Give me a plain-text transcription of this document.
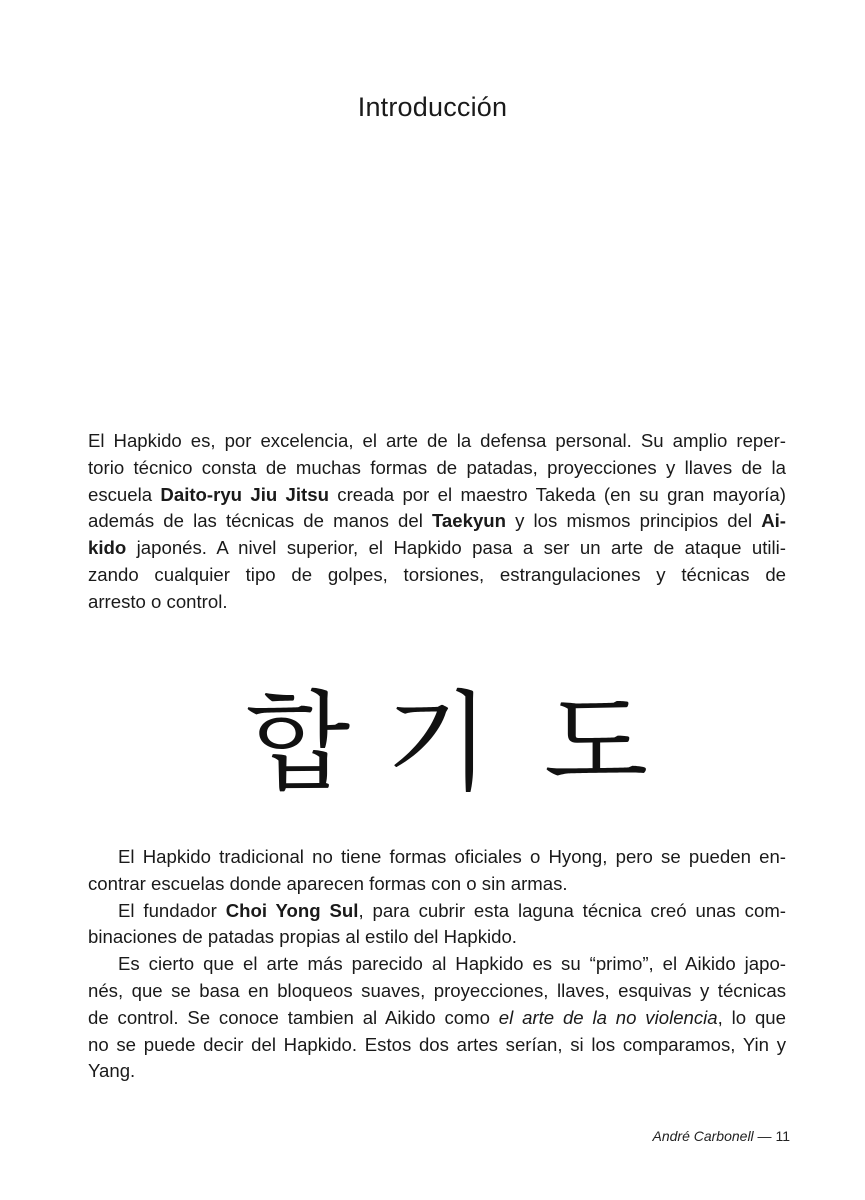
Introducción

El Hapkido es, por excelencia, el arte de la defensa personal. Su amplio reper-

torio técnico consta de muchas formas de patadas, proyecciones y llaves de la

escuela Daito-ryu Jiu Jitsu creada por el maestro Takeda (en su gran mayoría)

además de las técnicas de manos del Taekyun y los mismos principios del Ai-

kido japonés. A nivel superior, el Hapkido pasa a ser un arte de ataque utili-

zando cualquier tipo de golpes, torsiones, estrangulaciones y técnicas de

arresto o control.

합 기 도

El Hapkido tradicional no tiene formas oficiales o Hyong, pero se pueden en-

contrar escuelas donde aparecen formas con o sin armas.

El fundador Choi Yong Sul, para cubrir esta laguna técnica creó unas com-

binaciones de patadas propias al estilo del Hapkido.

Es cierto que el arte más parecido al Hapkido es su “primo”, el Aikido japo-

nés, que se basa en bloqueos suaves, proyecciones, llaves, esquivas y técnicas

de control. Se conoce tambien al Aikido como el arte de la no violencia, lo que

no se puede decir del Hapkido. Estos dos artes serían, si los comparamos, Yin y

Yang.

André Carbonell — 11
